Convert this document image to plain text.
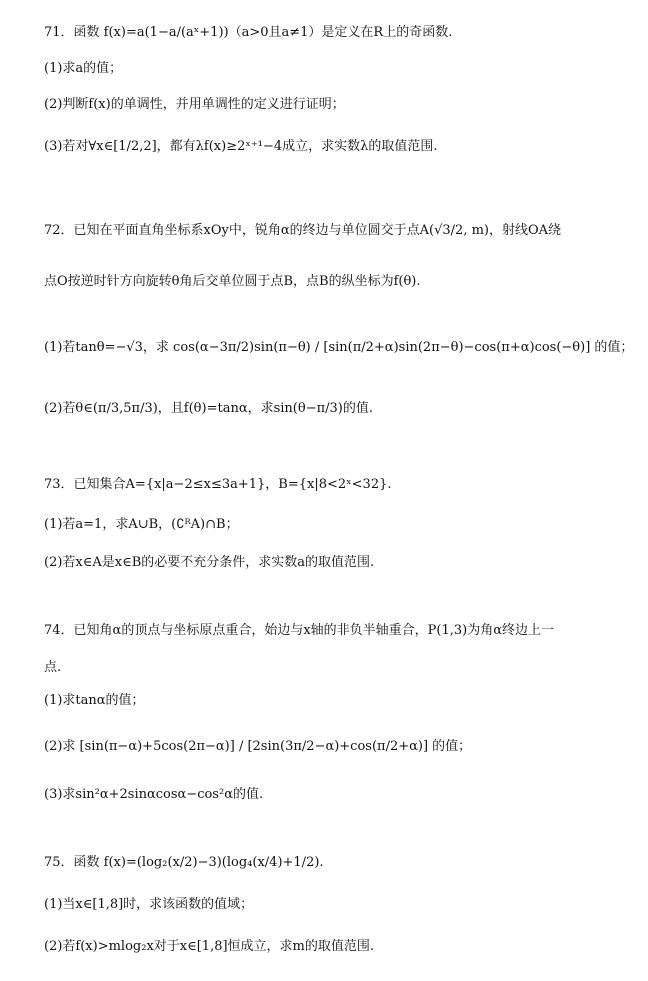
71．函数 f(x)=a(1−a/(aˣ+1))（a>0且a≠1）是定义在R上的奇函数.
(1)求a的值；
(2)判断f(x)的单调性，并用单调性的定义进行证明；
(3)若对∀x∈[1/2,2]，都有λf(x)≥2ˣ⁺¹−4成立，求实数λ的取值范围.
72．已知在平面直角坐标系xOy中，锐角α的终边与单位圆交于点A(√3/2, m)，射线OA绕
点O按逆时针方向旋转θ角后交单位圆于点B，点B的纵坐标为f(θ).
(1)若tanθ=−√3，求 cos(α−3π/2)sin(π−θ) / [sin(π/2+α)sin(2π−θ)−cos(π+α)cos(−θ)] 的值；
(2)若θ∈(π/3,5π/3)，且f(θ)=tanα，求sin(θ−π/3)的值.
73．已知集合A={x|a−2≤x≤3a+1}，B={x|8<2ˣ<32}.
(1)若a=1，求A∪B，(∁ᴿA)∩B；
(2)若x∈A是x∈B的必要不充分条件，求实数a的取值范围.
74．已知角α的顶点与坐标原点重合，始边与x轴的非负半轴重合，P(1,3)为角α终边上一
点.
(1)求tanα的值；
(2)求 [sin(π−α)+5cos(2π−α)] / [2sin(3π/2−α)+cos(π/2+α)] 的值；
(3)求sin²α+2sinαcosα−cos²α的值.
75．函数 f(x)=(log₂(x/2)−3)(log₄(x/4)+1/2).
(1)当x∈[1,8]时，求该函数的值域；
(2)若f(x)>mlog₂x对于x∈[1,8]恒成立，求m的取值范围.
